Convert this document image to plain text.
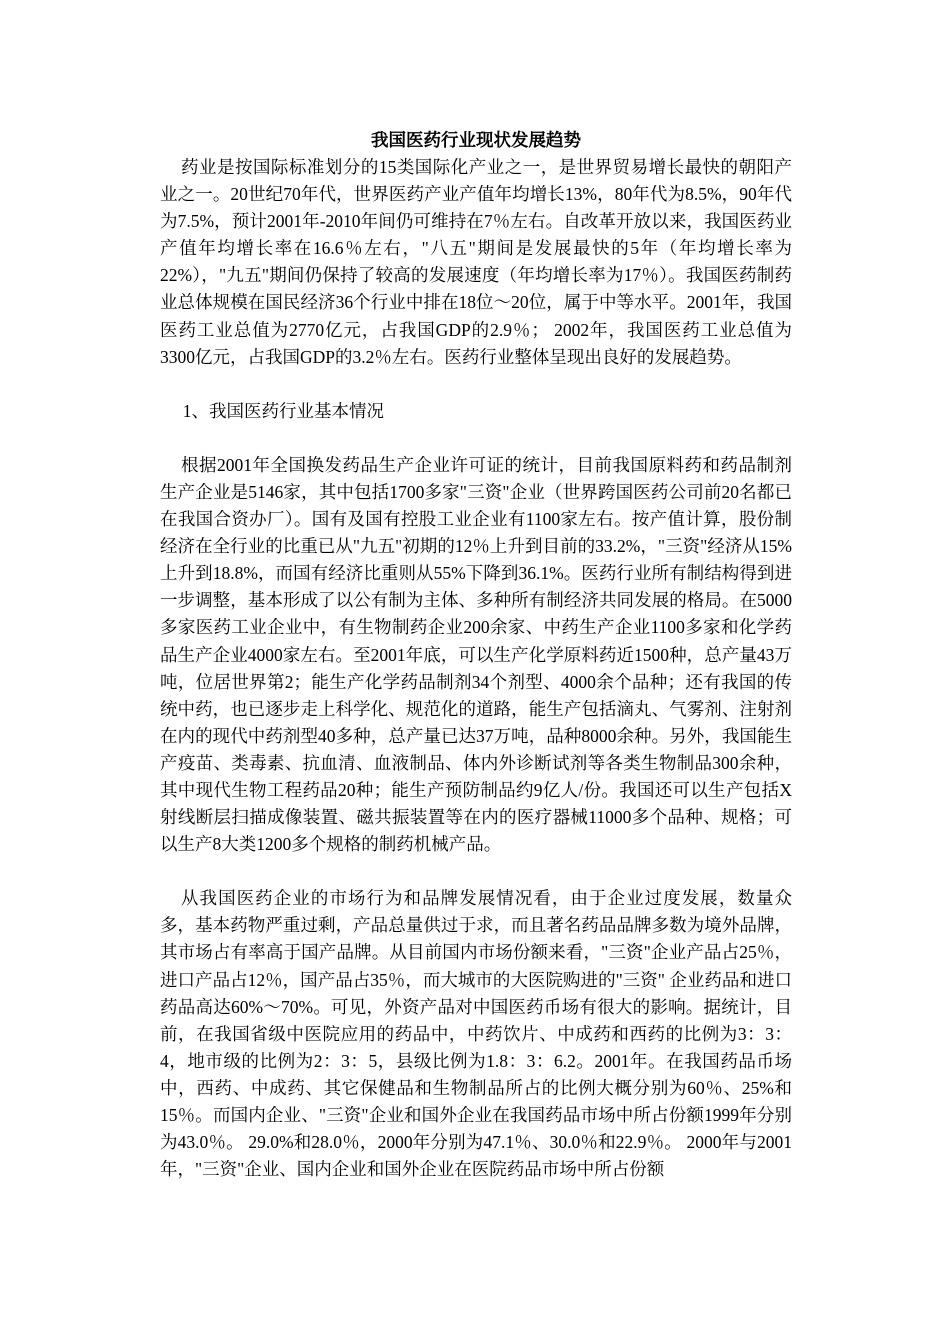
我国医药行业现状发展趋势

药业是按国际标准划分的15类国际化产业之一，是世界贸易增长最快的朝阳产业之一。20世纪70年代，世界医药产业产值年均增长13%，80年代为8.5%，90年代为7.5%，预计2001年-2010年间仍可维持在7％左右。自改革开放以来，我国医药业产值年均增长率在16.6％左右，"八五"期间是发展最快的5年（年均增长率为22%），"九五"期间仍保持了较高的发展速度（年均增长率为17％）。我国医药制药业总体规模在国民经济36个行业中排在18位～20位，属于中等水平。2001年，我国医药工业总值为2770亿元，占我国GDP的2.9％； 2002年，我国医药工业总值为3300亿元，占我国GDP的3.2％左右。医药行业整体呈现出良好的发展趋势。

1、我国医药行业基本情况

根据2001年全国换发药品生产企业许可证的统计，目前我国原料药和药品制剂生产企业是5146家，其中包括1700多家"三资"企业（世界跨国医药公司前20名都已在我国合资办厂）。国有及国有控股工业企业有1100家左右。按产值计算，股份制经济在全行业的比重已从"九五"初期的12％上升到目前的33.2%，"三资"经济从15%上升到18.8%，而国有经济比重则从55%下降到36.1%。医药行业所有制结构得到进一步调整，基本形成了以公有制为主体、多种所有制经济共同发展的格局。在5000多家医药工业企业中，有生物制药企业200余家、中药生产企业1100多家和化学药品生产企业4000家左右。至2001年底，可以生产化学原料药近1500种，总产量43万吨，位居世界第2；能生产化学药品制剂34个剂型、4000余个品种；还有我国的传统中药，也已逐步走上科学化、规范化的道路，能生产包括滴丸、气雾剂、注射剂在内的现代中药剂型40多种，总产量已达37万吨，品种8000余种。另外，我国能生产疫苗、类毒素、抗血清、血液制品、体内外诊断试剂等各类生物制品300余种，其中现代生物工程药品20种；能生产预防制品约9亿人/份。我国还可以生产包括X射线断层扫描成像装置、磁共振装置等在内的医疗器械11000多个品种、规格；可以生产8大类1200多个规格的制药机械产品。

从我国医药企业的市场行为和品牌发展情况看，由于企业过度发展，数量众多，基本药物严重过剩，产品总量供过于求，而且著名药品品牌多数为境外品牌，其市场占有率高于国产品牌。从目前国内市场份额来看，"三资"企业产品占25％，进口产品占12％，国产品占35％，而大城市的大医院购进的"三资" 企业药品和进口药品高达60%～70%。可见，外资产品对中国医药币场有很大的影响。据统计，目前，在我国省级中医院应用的药品中，中药饮片、中成药和西药的比例为3：3：4，地市级的比例为2：3：5，县级比例为1.8：3：6.2。2001年。在我国药品币场中，西药、中成药、其它保健品和生物制品所占的比例大概分别为60％、25%和15％。而国内企业、"三资"企业和国外企业在我国药品市场中所占份额1999年分别为43.0％。 29.0%和28.0％，2000年分别为47.1％、30.0％和22.9％。 2000年与2001年，"三资"企业、国内企业和国外企业在医院药品市场中所占份额
